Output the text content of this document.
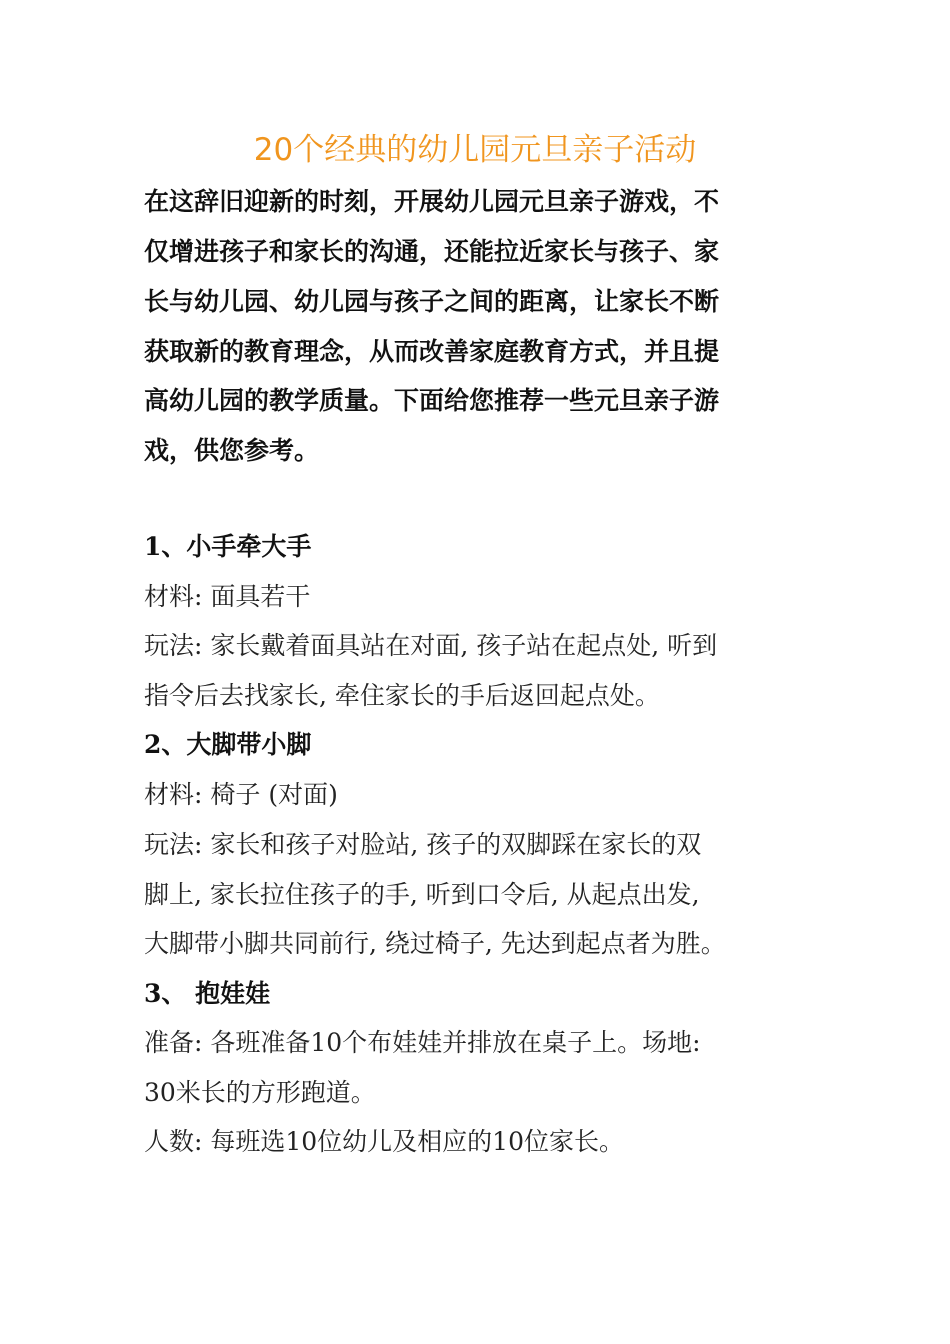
20个经典的幼儿园元旦亲子活动
在这辞旧迎新的时刻，开展幼儿园元旦亲子游戏，不
仅增进孩子和家长的沟通，还能拉近家长与孩子、家
长与幼儿园、幼儿园与孩子之间的距离，让家长不断
获取新的教育理念，从而改善家庭教育方式，并且提
高幼儿园的教学质量。下面给您推荐一些元旦亲子游
戏，供您参考。
1、小手牵大手
材料: 面具若干
玩法: 家长戴着面具站在对面, 孩子站在起点处, 听到
指令后去找家长, 牵住家长的手后返回起点处。
2、大脚带小脚
材料: 椅子 (对面)
玩法: 家长和孩子对脸站, 孩子的双脚踩在家长的双
脚上, 家长拉住孩子的手, 听到口令后, 从起点出发,
大脚带小脚共同前行, 绕过椅子, 先达到起点者为胜。
3、 抱娃娃
准备: 各班准备10个布娃娃并排放在桌子上。场地:
30米长的方形跑道。
人数: 每班选10位幼儿及相应的10位家长。
